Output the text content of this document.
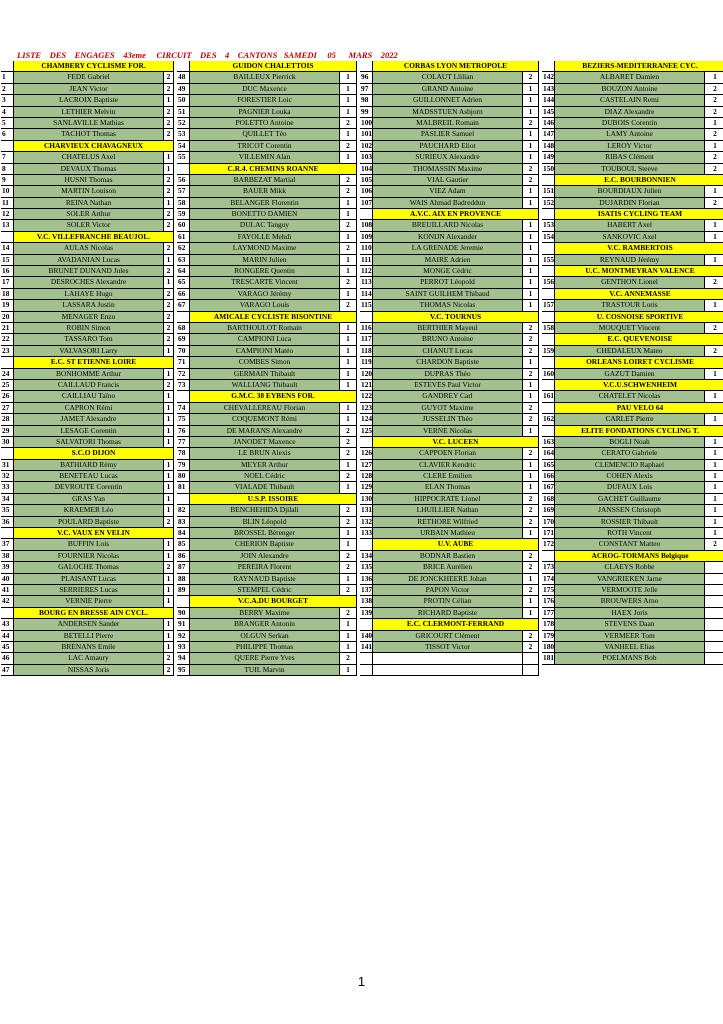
LISTE    DES    ENGAGES    43eme     CIRCUIT    DES    4    CANTONS   SAMEDI     05      MARS    2022
CHAMBERY CYCLISME FOR.
1	FEDE Gabriel	2
2	JEAN Victor	2
3	LACROIX Baptiste	1
4	LETHIER Melvin	2
5	SANLAVILLE Mathias	2
6	TACHOT Thomas	2
CHARVIEUX CHAVAGNEUX
7	CHATELUS Axel	1
8	DEVAUX Thomas	1
9	HUSNI Thomas	2
10	MARTIN Louison	2
11	REINA Nathan	1
12	SOLER Arthur	2
13	SOLER Victor	2
V.C. VILLEFRANCHE BEAUJOL.
14	AULAS Nicolas	2
15	AVADANIAN Lucas	1
16	BRUNET DUNAND Jules	2
17	DESROCHES Alexandre	1
18	LAHAYE Hugo	2
19	LASSARA Justin	2
20	MENAGER Enzo	2
21	ROBIN Simon	2
22	TASSARO Tom	2
23	VALVASORI Larry	1
E.C. ST ETIENNE LOIRE
24	BONHOMME Arthur	1
25	CAILLAUD Francis	2
26	CAILLIAU Taïno	1
27	CAPRON Rémi	1
28	JAMET Alexandre	1
29	LESAGE Corentin	1
30	SALVATORI Thomas	1
S.C.O DIJON
31	BATHIARD Rémy	1
32	BENETEAU Lucas	1
33	DEVROUTE Corentin	1
34	GRAS Yan	1
35	KRAEMER Léo	1
36	POULARD Baptiste	2
V.C. VAUX EN VELIN
37	BUFFIN Lois	1
38	FOURNIER Nicolas	1
39	GALOCHE Thomas	2
40	PLAISANT Lucas	1
41	SERRIERES Lucas	1
42	VERNIE Pierre	1
BOURG EN BRESSE AIN CYCL.
43	ANDERSEN Sander	1
44	BETELLI Pierre	1
45	BRENANS Emile	1
46	LAC Amaury	2
47	NISSAS Joris	2
GUIDON CHALETTOIS
48	BAILLEUX Pierrick	1
49	DUC Maxence	1
50	FORESTIER Loic	1
51	PAGNIER Louka	1
52	POLETTO Antoine	2
53	QUILLET Téo	1
54	TRICOT Corentin	2
55	VILLEMIN Alan	1
C.R.4. CHEMINS ROANNE
56	BARBEZAT Martial	2
57	BAUER Mikk	2
58	BELANGER Florentin	1
59	BONETTO DAMIEN	1
60	DULAC Tanguy	2
61	FAYOLLE Mehdi	1
62	LAYMOND Maxime	2
63	MARIN Julien	1
64	RONGERE Quentin	1
65	TRESCARTE Vincent	2
66	VARAGO Jérémy	1
67	VARAGO Louis	2
AMICALE CYCLISTE BISONTINE
68	BARTHOULOT Romain	1
69	CAMPIONI Luca	1
70	CAMPIONI Matéo	1
71	COMBES Simon	1
72	GERMAIN Thibault	1
73	WALLIANG Thibault	1
G.M.C. 38 EYBENS FOR.
74	CHEVALLEREAU Florian	1
75	COQUEMONT Rémi	1
76	DE MARANS Alexandre	2
77	JANODET Maxence	2
78	LE BRUN Alexis	2
79	MEYER Arthur	1
80	NOEL Cédric	2
81	VIALADE Thibault	1
U.S.P. ISSOIRE
82	BENCHEHIDA Djilali	2
83	BLIN Léopold	2
84	BROSSEL Bérenger	1
85	CHERION Baptiste	1
86	JOIN Alexandre	2
87	PEREIRA Florent	2
88	RAYNAUD Baptiste	1
89	STEMPEL Cédric	2
V.C.A.DU BOURGET
90	BERRY Maxime	2
91	BRANGER Antonin	1
92	OLGUN Serkan	1
93	PHILIPPE Thomas	1
94	QUERE Pierre Yves	2
95	TUIL Marvin	1
CORBAS LYON METROPOLE
96	COLAUT Llilian	2
97	GRAND Antoine	1
98	GUILLONNET Adrien	1
99	MADSSTUEN Asbjorn	1
100	MALBREIL Romain	2
101	PASLIER Samuel	1
102	PAUCHARD Eliot	1
103	SURIEUX Alexandre	1
104	THOMASSIN Maxime	2
105	VIAL Gautier	2
106	VIEZ Adam	1
107	WAIS Ahmad Badreddun	1
A.V.C. AIX EN PROVENCE
108	BREUILLARD Nicolas	1
109	KONIJN Alexander	1
110	LA GRENADE Jeremie	1
111	MAIRE Adrien	1
112	MONGE Cédric	1
113	PERROT Léopold	1
114	SAINT GUILHEM Thibaud	1
115	THOMAS Nicolas	1
V.C. TOURNUS
116	BERTHIER Mayeul	2
117	BRUNO Antoine	2
118	CHANUT Lucas	2
119	CHARDON Baptiste	1
120	DUPRAS Théo	2
121	ESTEVES Paul Victor	1
122	GANDREY Carl	1
123	GUYOT Maxime	2
124	JUSSELIN Théo	2
125	VERNE Nicolas	1
V.C. LUCEEN
126	CAPPOEN Florian	2
127	CLAVIER Kendric	1
128	CLERE Emilien	1
129	ELAN Thomas	1
130	HIPPOCRATE Lionel	2
131	LHUILLIER Nathan	2
132	RETHORE Wilfried	2
133	URBAIN Mathieu	1
U.V. AUBE
134	BODNAR Bastien	2
135	BRICE Aurélien	2
136	DE JONCKHEERE Johan	1
137	PAPON Victor	2
138	PROTIN Célian	1
139	RICHARD Baptiste	1
E.C. CLERMONT-FERRAND
140	GRICOURT Clément	2
141	TISSOT Victor	2
BEZIERS-MEDITERRANEE CYC.
142	ALBARET Damien	1
143	BOUZON Antoine	2
144	CASTELAIN Remi	2
145	DIAZ Alexandre	2
146	DUBOIS Corentin	1
147	LAMY Antoine	2
148	LEROY Victor	1
149	RIBAS Clément	2
150	TOUBOUL Steeve	2
E.C. BOURBONNIEN
151	BOURDIAUX Julien	1
152	DUJARDIN Florian	2
ISATIS CYCLING TEAM
153	HABERT Axel	1
154	SANKOVIC Axel	1
V.C. RAMBERTOIS
155	REYNAUD Jérémy	1
U.C. MONTMEYRAN VALENCE
156	GENTHON Lionel	2
V.C. ANNEMASSE
157	TRASTOUR Loris	1
U. COSNOISE SPORTIVE
158	MOUQUET Vincent	2
E.C. QUEVENOISE
159	CHEDALEUX Mateo	2
ORLEANS LOIRET CYCLISME
160	GAZUT Damien	1
V.C.U.SCHWENHEIM
161	CHATELET Nicolas	1
PAU VELO 64
162	CARLET Pierre	1
ELITE FONDATIONS CYCLING T.
163	BOGLI Noah	1
164	CERATO Gabriele	1
165	CLEMENCIO Raphael	1
166	COHEN Alexis	1
167	DUFAUX Lois	1
168	GACHET Guillaume	1
169	JANSSEN Christoph	1
170	ROSSIER Thibault	1
171	ROTH Vincent	1
172	CONSTANT Matteo	2
ACROG-TORMANS Belgique
173	CLAEYS Robbe
174	VANGRIEKEN Jarne
175	VERMOOTE Jelle
176	BROUWERS Arno
177	HAEX Joris
178	STEVENS Daan
179	VERMEER Tom
180	VANHEEL Elias
181	POELMANS Bob
1
